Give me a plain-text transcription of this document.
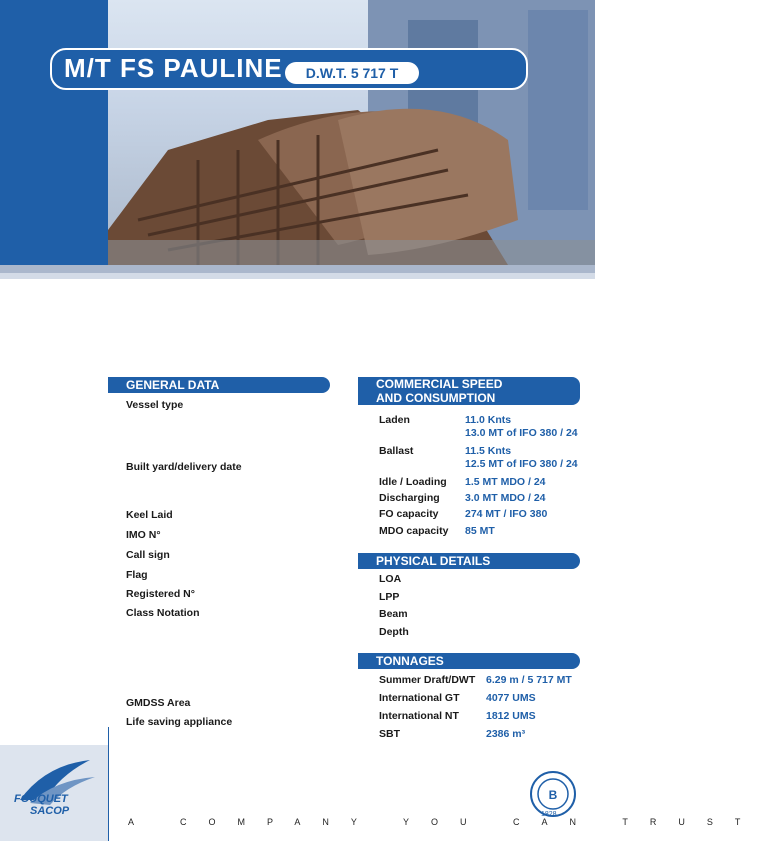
M/T FS PAULINE	D.W.T. 5 717 T
GENERAL DATA
Vessel type
Built yard/delivery date
Keel Laid
IMO N°
Call sign
Flag
Registered N°
Class Notation
GMDSS Area
Life saving appliance
COMMERCIAL SPEED
AND CONSUMPTION
Laden	11.0 Knts
13.0 MT of IFO 380 / 24
Ballast	11.5 Knts
12.5 MT of IFO 380 / 24
Idle / Loading 1.5 MT MDO / 24
Discharging 3.0 MT MDO / 24
FO capacity	274 MT / IFO 380
MDO capacity 85 MT
PHYSICAL DETAILS
LOA
LPP
Beam
Depth
TONNAGES
Summer Draft/DWT 6.29 m / 5 717 MT
International GT	4077 UMS
International NT	1812 UMS
SBT	2386 m³
FOUQUET
SACOP
A COMPANY YOU CAN TRUST
B
1828
